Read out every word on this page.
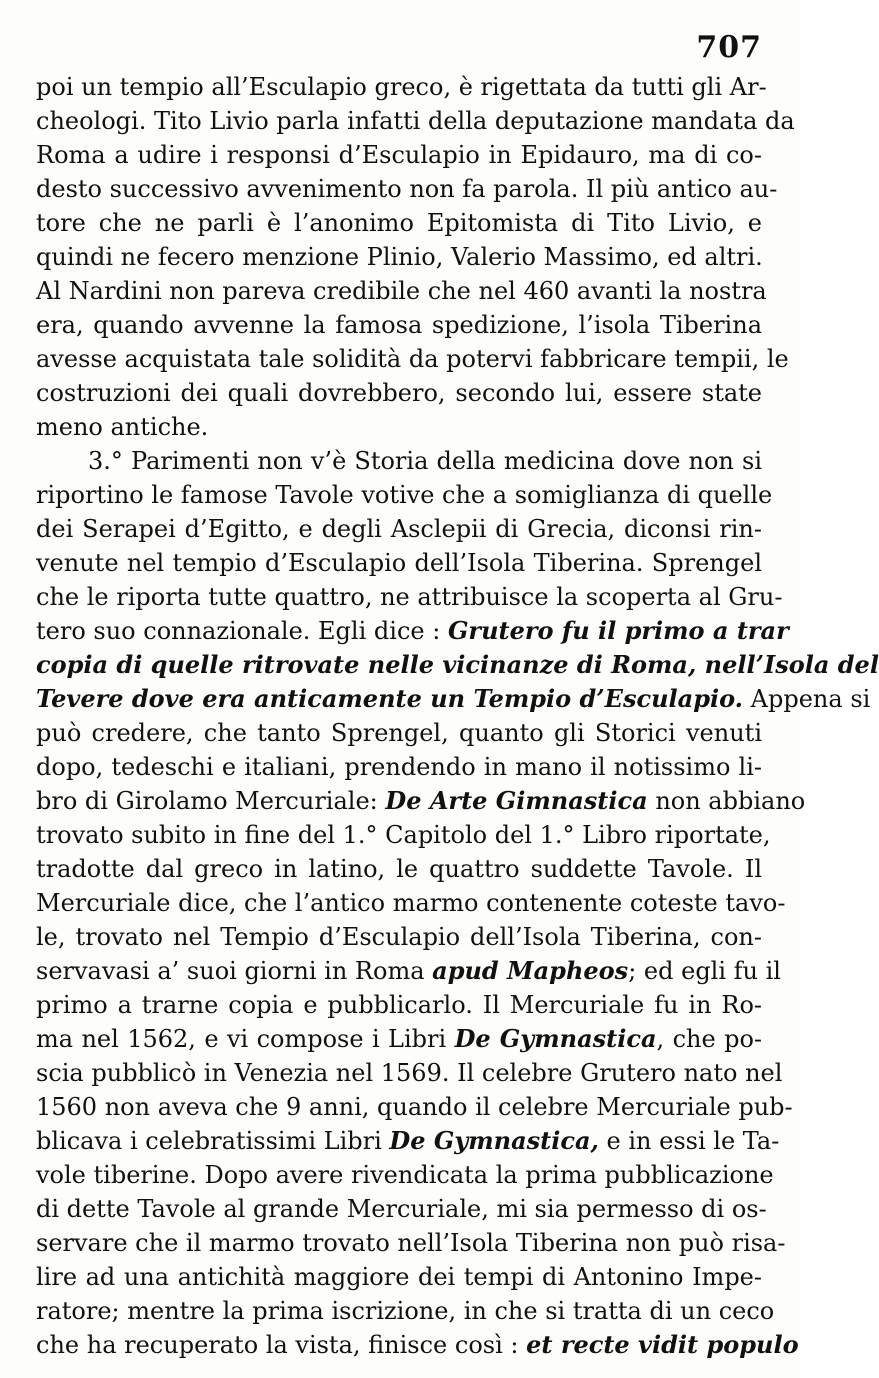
707
poi un tempio all’Esculapio greco, è rigettata da tutti gli Ar-
cheologi. Tito Livio parla infatti della deputazione mandata da
Roma a udire i responsi d’Esculapio in Epidauro, ma di co-
desto successivo avvenimento non fa parola. Il più antico au-
tore che ne parli è l’anonimo Epitomista di Tito Livio, e
quindi ne fecero menzione Plinio, Valerio Massimo, ed altri.
Al Nardini non pareva credibile che nel 460 avanti la nostra
era, quando avvenne la famosa spedizione, l’isola Tiberina
avesse acquistata tale solidità da potervi fabbricare tempii, le
costruzioni dei quali dovrebbero, secondo lui, essere state
meno antiche.
3.° Parimenti non v’è Storia della medicina dove non si
riportino le famose Tavole votive che a somiglianza di quelle
dei Serapei d’Egitto, e degli Asclepii di Grecia, diconsi rin-
venute nel tempio d’Esculapio dell’Isola Tiberina. Sprengel
che le riporta tutte quattro, ne attribuisce la scoperta al Gru-
tero suo connazionale. Egli dice : Grutero fu il primo a trar
copia di quelle ritrovate nelle vicinanze di Roma, nell’Isola del
Tevere dove era anticamente un Tempio d’Esculapio. Appena si
può credere, che tanto Sprengel, quanto gli Storici venuti
dopo, tedeschi e italiani, prendendo in mano il notissimo li-
bro di Girolamo Mercuriale: De Arte Gimnastica non abbiano
trovato subito in fine del 1.° Capitolo del 1.° Libro riportate,
tradotte dal greco in latino, le quattro suddette Tavole. Il
Mercuriale dice, che l’antico marmo contenente coteste tavo-
le, trovato nel Tempio d’Esculapio dell’Isola Tiberina, con-
servavasi a’ suoi giorni in Roma apud Mapheos; ed egli fu il
primo a trarne copia e pubblicarlo. Il Mercuriale fu in Ro-
ma nel 1562, e vi compose i Libri De Gymnastica, che po-
scia pubblicò in Venezia nel 1569. Il celebre Grutero nato nel
1560 non aveva che 9 anni, quando il celebre Mercuriale pub-
blicava i celebratissimi Libri De Gymnastica, e in essi le Ta-
vole tiberine. Dopo avere rivendicata la prima pubblicazione
di dette Tavole al grande Mercuriale, mi sia permesso di os-
servare che il marmo trovato nell’Isola Tiberina non può risa-
lire ad una antichità maggiore dei tempi di Antonino Impe-
ratore; mentre la prima iscrizione, in che si tratta di un ceco
che ha recuperato la vista, finisce così : et recte vidit populo
